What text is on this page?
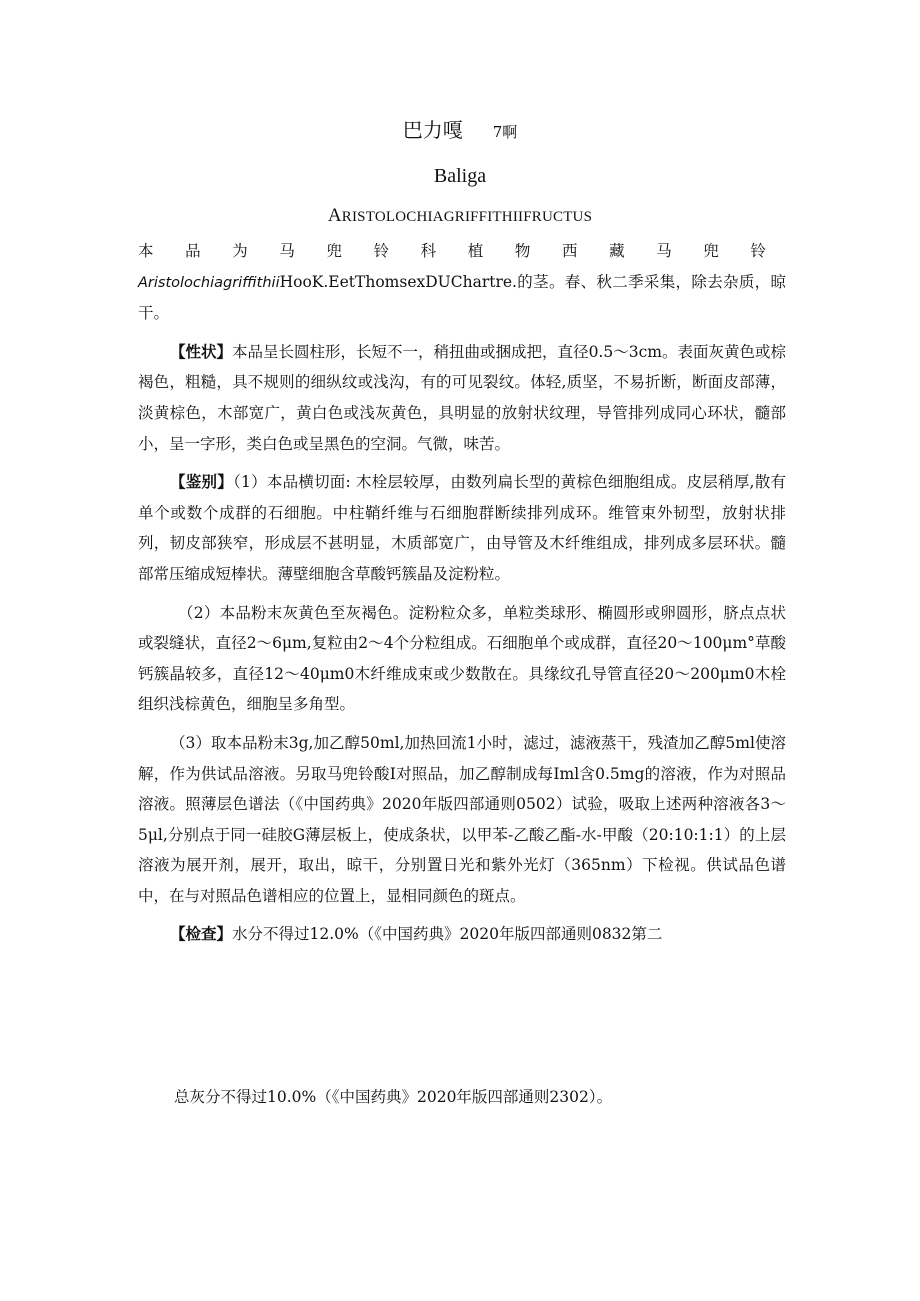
巴力嘎 7啊
Baliga
ARISTOLOCHIAGRIFFITHIIFRUCTUS

本品为马兜铃科植物西藏马兜铃

AristolochiagriffithiiHooK.EetThomsexDUChartre.的茎。春、秋二季采集，除去杂质，晾干。

【性状】本品呈长圆柱形，长短不一，稍扭曲或捆成把，直径0.5～3cm。表面灰黄色或棕褐色，粗糙，具不规则的细纵纹或浅沟，有的可见裂纹。体轻,质坚，不易折断，断面皮部薄，淡黄棕色，木部宽广，黄白色或浅灰黄色，具明显的放射状纹理，导管排列成同心环状，髓部小，呈一字形，类白色或呈黑色的空洞。气微，味苦。

【鉴别】（1）本品横切面: 木栓层较厚，由数列扁长型的黄棕色细胞组成。皮层稍厚,散有单个或数个成群的石细胞。中柱鞘纤维与石细胞群断续排列成环。维管束外韧型，放射状排列，韧皮部狭窄，形成层不甚明显，木质部宽广，由导管及木纤维组成，排列成多层环状。髓部常压缩成短棒状。薄壁细胞含草酸钙簇晶及淀粉粒。

（2）本品粉末灰黄色至灰褐色。淀粉粒众多，单粒类球形、椭圆形或卵圆形，脐点点状或裂缝状，直径2～6μm,复粒由2～4个分粒组成。石细胞单个或成群，直径20～100μm°草酸钙簇晶较多，直径12～40μm0木纤维成束或少数散在。具缘纹孔导管直径20～200μm0木栓组织浅棕黄色，细胞呈多角型。

（3）取本品粉末3g,加乙醇50ml,加热回流1小时，滤过，滤液蒸干，残渣加乙醇5ml使溶解，作为供试品溶液。另取马兜铃酸I对照品，加乙醇制成每Iml含0.5mg的溶液，作为对照品溶液。照薄层色谱法（《中国药典》2020年版四部通则0502）试验，吸取上述两种溶液各3～5μl,分别点于同一硅胶G薄层板上，使成条状，以甲苯-乙酸乙酯-水-甲酸（20:10:1:1）的上层溶液为展开剂，展开，取出，晾干，分别置日光和紫外光灯（365nm）下检视。供试品色谱中，在与对照品色谱相应的位置上，显相同颜色的斑点。

【检查】水分不得过12.0%（《中国药典》2020年版四部通则0832第二

总灰分不得过10.0%（《中国药典》2020年版四部通则2302）。
